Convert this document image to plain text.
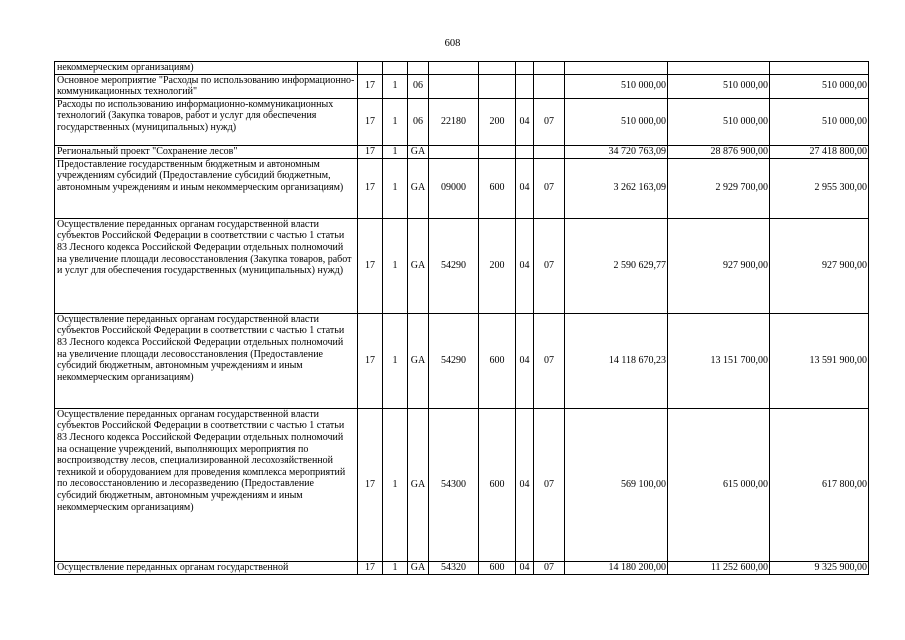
608
некоммерческим организациям)										
Основное мероприятие "Расходы по использованию информационно-коммуникационных технологий"	17	1	06					510 000,00	510 000,00	510 000,00
Расходы по использованию информационно-коммуникационных технологий (Закупка товаров, работ и услуг для обеспечения государственных (муниципальных) нужд)	17	1	06	22180	200	04	07	510 000,00	510 000,00	510 000,00
Региональный проект "Сохранение лесов"	17	1	GA					34 720 763,09	28 876 900,00	27 418 800,00
Предоставление государственным бюджетным и автономным учреждениям субсидий (Предоставление субсидий бюджетным, автономным учреждениям и иным некоммерческим организациям)	17	1	GA	09000	600	04	07	3 262 163,09	2 929 700,00	2 955 300,00
Осуществление переданных органам государственной власти субъектов Российской Федерации в соответствии с частью 1 статьи 83 Лесного кодекса Российской Федерации отдельных полномочий на увеличение площади лесовосстановления (Закупка товаров, работ и услуг для обеспечения государственных (муниципальных) нужд)	17	1	GA	54290	200	04	07	2 590 629,77	927 900,00	927 900,00
Осуществление переданных органам государственной власти субъектов Российской Федерации в соответствии с частью 1 статьи 83 Лесного кодекса Российской Федерации отдельных полномочий на увеличение площади лесовосстановления (Предоставление субсидий бюджетным, автономным учреждениям и иным некоммерческим организациям)	17	1	GA	54290	600	04	07	14 118 670,23	13 151 700,00	13 591 900,00
Осуществление переданных органам государственной власти субъектов Российской Федерации в соответствии с частью 1 статьи 83 Лесного кодекса Российской Федерации отдельных полномочий на оснащение учреждений, выполняющих мероприятия по воспроизводству лесов, специализированной лесохозяйственной техникой и оборудованием для проведения комплекса мероприятий по лесовосстановлению и лесоразведению (Предоставление субсидий бюджетным, автономным учреждениям и иным некоммерческим организациям)	17	1	GA	54300	600	04	07	569 100,00	615 000,00	617 800,00
Осуществление переданных органам государственной	17	1	GA	54320	600	04	07	14 180 200,00	11 252 600,00	9 325 900,00
